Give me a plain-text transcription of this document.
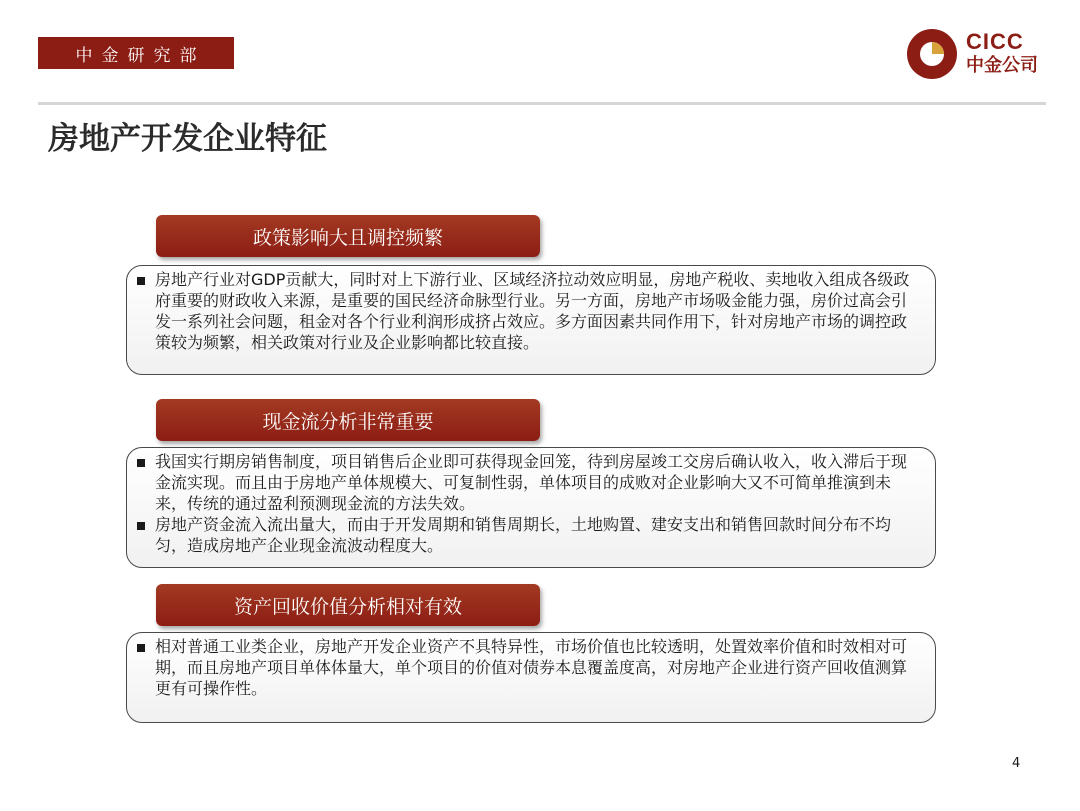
中金研究部
CICC
中金公司
房地产开发企业特征
政策影响大且调控频繁
房地产行业对GDP贡献大，同时对上下游行业、区域经济拉动效应明显，房地产税收、卖地收入组成各级政府重要的财政收入来源，是重要的国民经济命脉型行业。另一方面，房地产市场吸金能力强，房价过高会引发一系列社会问题，租金对各个行业利润形成挤占效应。多方面因素共同作用下，针对房地产市场的调控政策较为频繁，相关政策对行业及企业影响都比较直接。
现金流分析非常重要
我国实行期房销售制度，项目销售后企业即可获得现金回笼，待到房屋竣工交房后确认收入，收入滞后于现金流实现。而且由于房地产单体规模大、可复制性弱，单体项目的成败对企业影响大又不可简单推演到未来，传统的通过盈利预测现金流的方法失效。
房地产资金流入流出量大，而由于开发周期和销售周期长，土地购置、建安支出和销售回款时间分布不均匀，造成房地产企业现金流波动程度大。
资产回收价值分析相对有效
相对普通工业类企业，房地产开发企业资产不具特异性，市场价值也比较透明，处置效率价值和时效相对可期，而且房地产项目单体体量大，单个项目的价值对债券本息覆盖度高，对房地产企业进行资产回收值测算更有可操作性。
4
